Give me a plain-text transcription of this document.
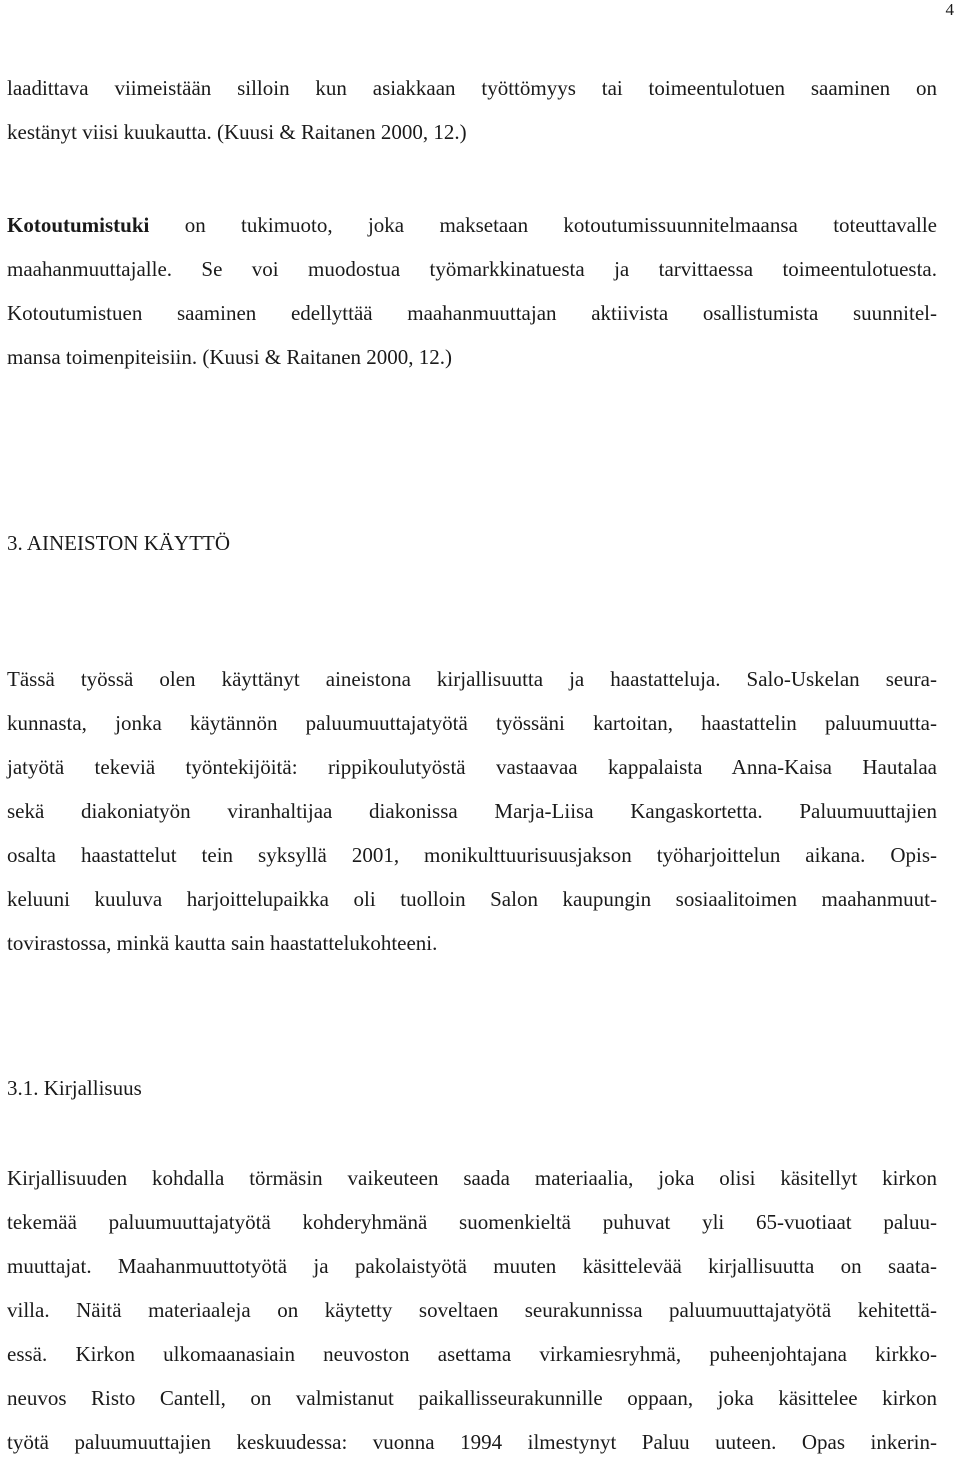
4
laadittava viimeistään silloin kun asiakkaan työttömyys tai toimeentulotuen saaminen on
kestänyt viisi kuukautta. (Kuusi & Raitanen 2000, 12.)
Kotoutumistuki on tukimuoto, joka maksetaan kotoutumissuunnitelmaansa toteuttavalle
maahanmuuttajalle. Se voi muodostua työmarkkinatuesta ja tarvittaessa toimeentulotuesta.
Kotoutumistuen saaminen edellyttää maahanmuuttajan aktiivista osallistumista suunnitel-
mansa toimenpiteisiin. (Kuusi & Raitanen 2000, 12.)
3. AINEISTON KÄYTTÖ
Tässä työssä olen käyttänyt aineistona kirjallisuutta ja haastatteluja. Salo-Uskelan seura-
kunnasta, jonka käytännön paluumuuttajatyötä työssäni kartoitan, haastattelin paluumuutta-
jatyötä tekeviä työntekijöitä: rippikoulutyöstä vastaavaa kappalaista Anna-Kaisa Hautalaa
sekä diakoniatyön viranhaltijaa diakonissa Marja-Liisa Kangaskortetta. Paluumuuttajien
osalta haastattelut tein syksyllä 2001, monikulttuurisuusjakson työharjoittelun aikana. Opis-
keluuni kuuluva harjoittelupaikka oli tuolloin Salon kaupungin sosiaalitoimen maahanmuut-
tovirastossa, minkä kautta sain haastattelukohteeni.
3.1. Kirjallisuus
Kirjallisuuden kohdalla törmäsin vaikeuteen saada materiaalia, joka olisi käsitellyt kirkon
tekemää paluumuuttajatyötä kohderyhmänä suomenkieltä puhuvat yli 65-vuotiaat paluu-
muuttajat. Maahanmuuttotyötä ja pakolaistyötä muuten käsittelevää kirjallisuutta on saata-
villa. Näitä materiaaleja on käytetty soveltaen seurakunnissa paluumuuttajatyötä kehitettä-
essä. Kirkon ulkomaanasiain neuvoston asettama virkamiesryhmä, puheenjohtajana kirkko-
neuvos Risto Cantell, on valmistanut paikallisseurakunnille oppaan, joka käsittelee kirkon
työtä paluumuuttajien keskuudessa: vuonna 1994 ilmestynyt Paluu uuteen. Opas inkerin-
